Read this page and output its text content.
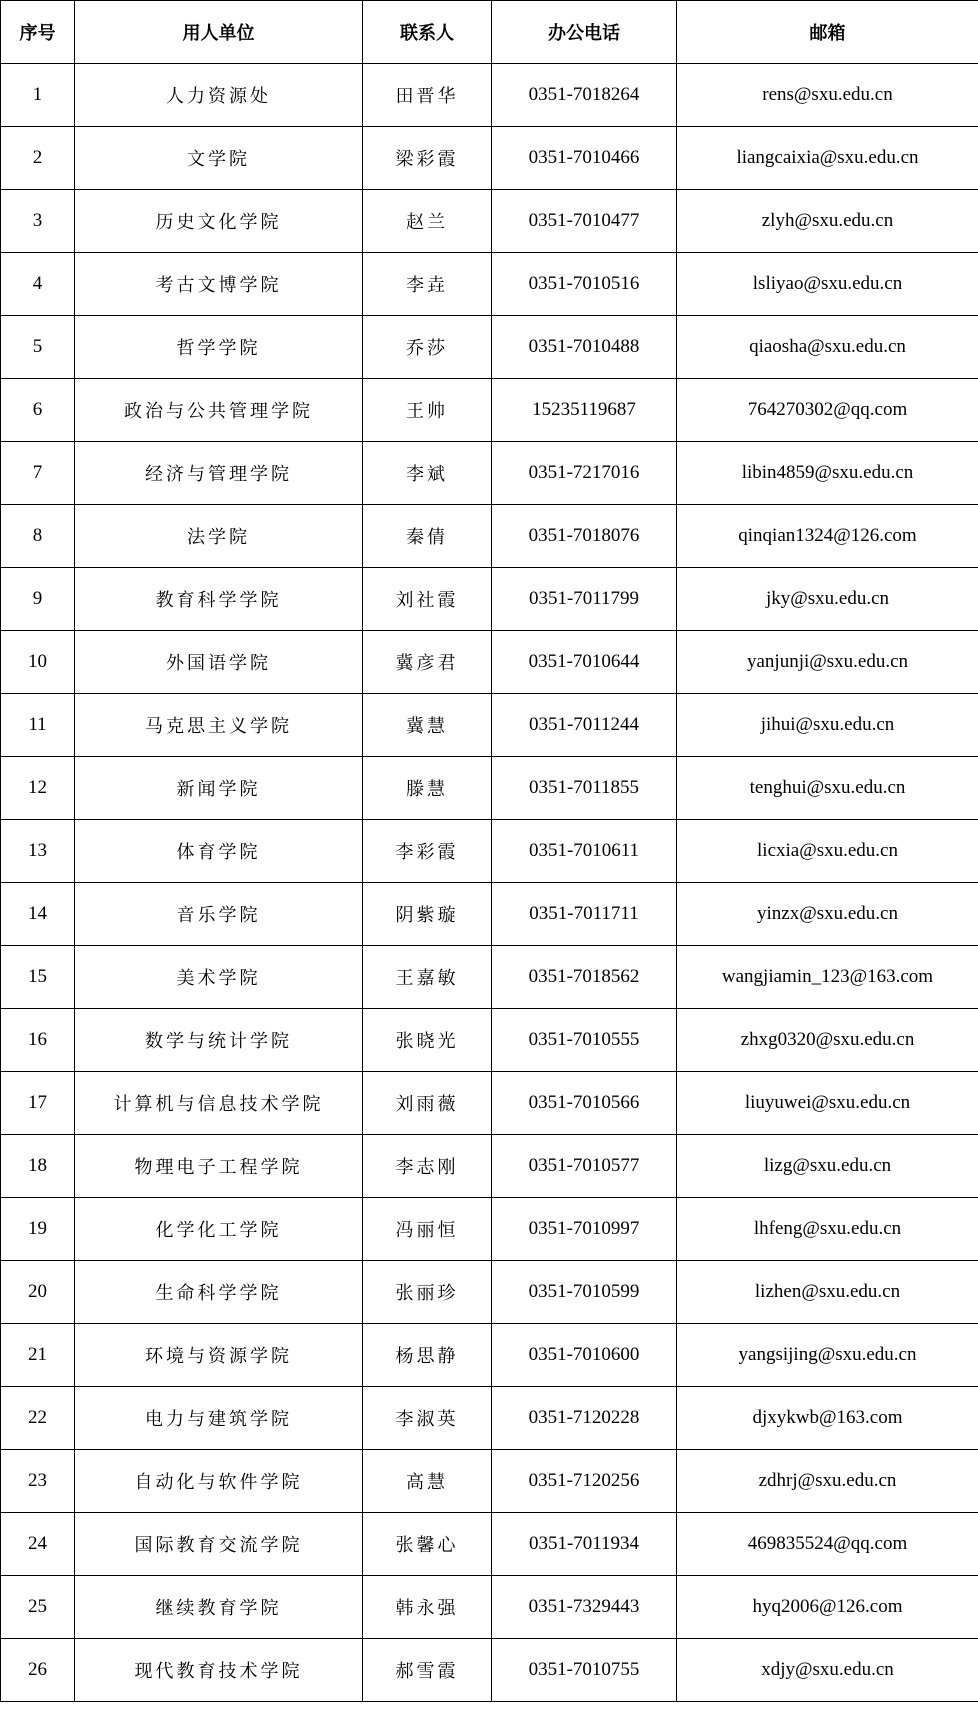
序号	用人单位	联系人	办公电话	邮箱
1	人力资源处	田晋华	0351-7018264	rens@sxu.edu.cn
2	文学院	梁彩霞	0351-7010466	liangcaixia@sxu.edu.cn
3	历史文化学院	赵兰	0351-7010477	zlyh@sxu.edu.cn
4	考古文博学院	李垚	0351-7010516	lsliyao@sxu.edu.cn
5	哲学学院	乔莎	0351-7010488	qiaosha@sxu.edu.cn
6	政治与公共管理学院	王帅	15235119687	764270302@qq.com
7	经济与管理学院	李斌	0351-7217016	libin4859@sxu.edu.cn
8	法学院	秦倩	0351-7018076	qinqian1324@126.com
9	教育科学学院	刘社霞	0351-7011799	jky@sxu.edu.cn
10	外国语学院	冀彦君	0351-7010644	yanjunji@sxu.edu.cn
11	马克思主义学院	冀慧	0351-7011244	jihui@sxu.edu.cn
12	新闻学院	滕慧	0351-7011855	tenghui@sxu.edu.cn
13	体育学院	李彩霞	0351-7010611	licxia@sxu.edu.cn
14	音乐学院	阴紫璇	0351-7011711	yinzx@sxu.edu.cn
15	美术学院	王嘉敏	0351-7018562	wangjiamin_123@163.com
16	数学与统计学院	张晓光	0351-7010555	zhxg0320@sxu.edu.cn
17	计算机与信息技术学院	刘雨薇	0351-7010566	liuyuwei@sxu.edu.cn
18	物理电子工程学院	李志刚	0351-7010577	lizg@sxu.edu.cn
19	化学化工学院	冯丽恒	0351-7010997	lhfeng@sxu.edu.cn
20	生命科学学院	张丽珍	0351-7010599	lizhen@sxu.edu.cn
21	环境与资源学院	杨思静	0351-7010600	yangsijing@sxu.edu.cn
22	电力与建筑学院	李淑英	0351-7120228	djxykwb@163.com
23	自动化与软件学院	高慧	0351-7120256	zdhrj@sxu.edu.cn
24	国际教育交流学院	张馨心	0351-7011934	469835524@qq.com
25	继续教育学院	韩永强	0351-7329443	hyq2006@126.com
26	现代教育技术学院	郝雪霞	0351-7010755	xdjy@sxu.edu.cn
